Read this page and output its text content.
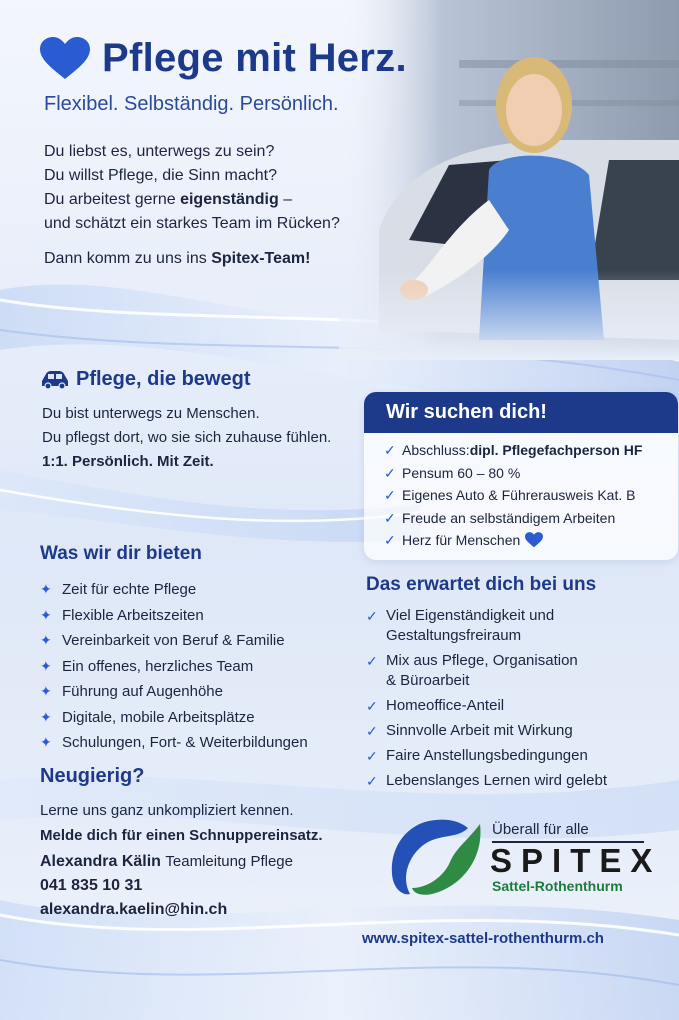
Pflege mit Herz.
Flexibel. Selbständig. Persönlich.

Du liebst es, unterwegs zu sein?

Du willst Pflege, die Sinn macht?

Du arbeitest gerne eigenständig –

und schätzt ein starkes Team im Rücken?

Dann komm zu uns ins Spitex-Team!
Pflege, die bewegt

Du bist unterwegs zu Menschen.

Du pflegst dort, wo sie sich zuhause fühlen.

1:1. Persönlich. Mit Zeit.

Wir suchen dich!
✓ Abschluss: dipl. Pflegefachperson HF
✓ Pensum 60 – 80 %
✓ Eigenes Auto & Führerausweis Kat. B
✓ Freude an selbständigem Arbeiten
✓ Herz für Menschen
Was wir dir bieten
✦ Zeit für echte Pflege
✦ Flexible Arbeitszeiten
✦ Vereinbarkeit von Beruf & Familie
✦ Ein offenes, herzliches Team
✦ Führung auf Augenhöhe
✦ Digitale, mobile Arbeitsplätze
✦ Schulungen, Fort- & Weiterbildungen
Das erwartet dich bei uns
✓ Viel Eigenständigkeit und
Gestaltungsfreiraum
✓ Mix aus Pflege, Organisation
& Büroarbeit
✓ Homeoffice-Anteil
✓ Sinnvolle Arbeit mit Wirkung
✓ Faire Anstellungsbedingungen
✓ Lebenslanges Lernen wird gelebt
Neugierig?

Lerne uns ganz unkompliziert kennen.

Melde dich für einen Schnuppereinsatz.

Alexandra Kälin Teamleitung Pflege

041 835 10 31

alexandra.kaelin@hin.ch

Überall für alle
SPITEX
Sattel-Rothenthurm
www.spitex-sattel-rothenthurm.ch
